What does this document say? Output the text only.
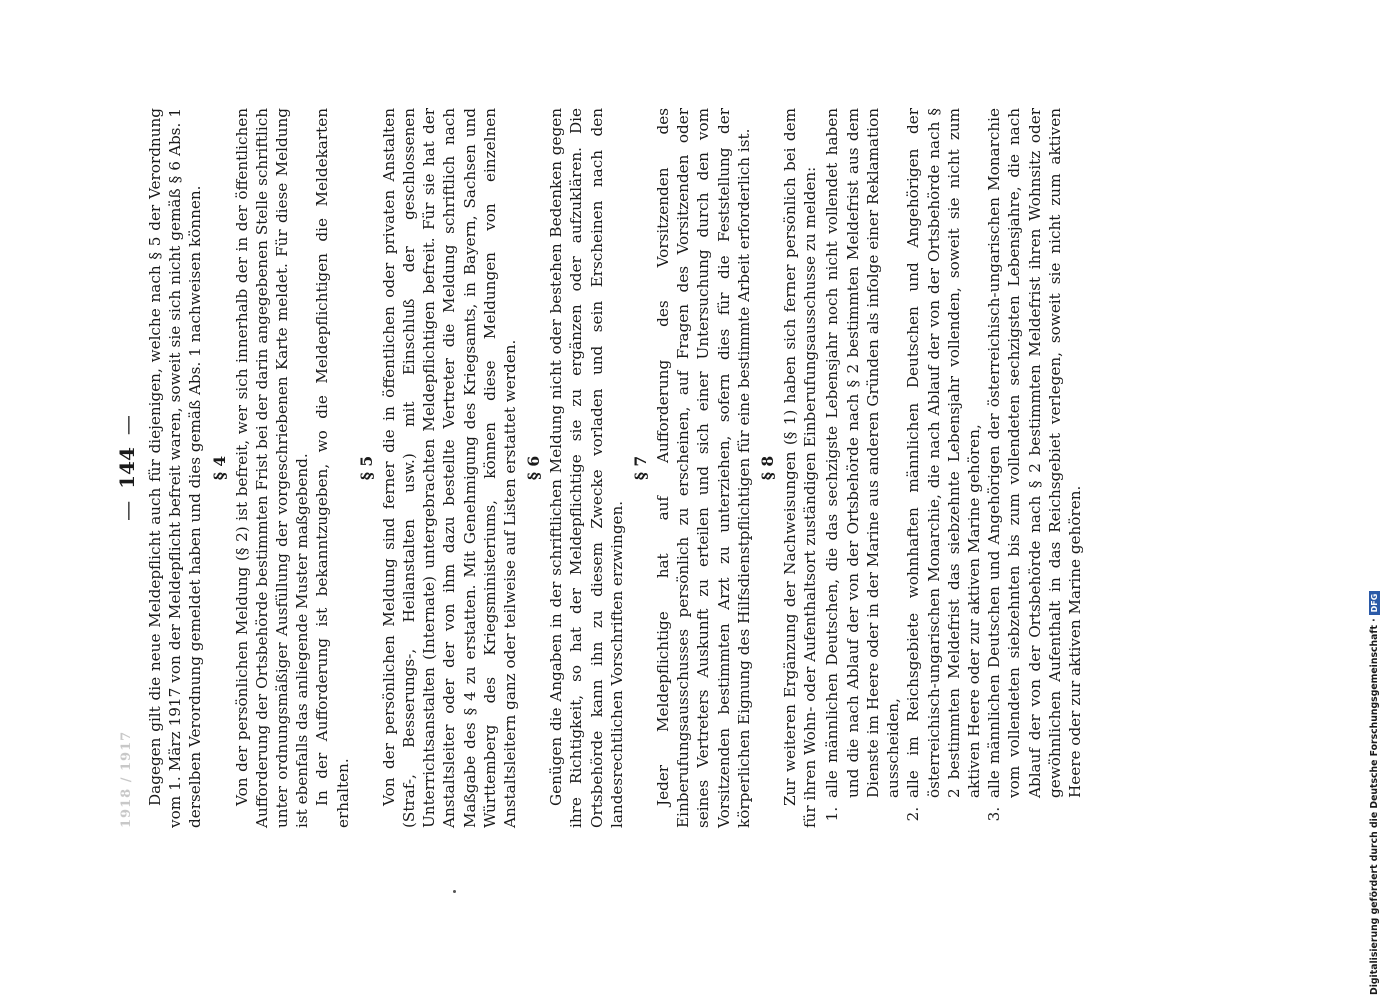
1918 / 1917
—
144
— Dagegen gilt die neue Meldepflicht auch für diejenigen, welche nach § 5 der Verordnung vom 1. März 1917 von der Meldepflicht befreit waren, soweit sie sich nicht gemäß § 6 Abs. 1 derselben Verordnung gemeldet haben und dies gemäß Abs. 1 nachweisen können. § 4 Von der persönlichen Meldung (§ 2) ist befreit, wer sich innerhalb der in der öffentlichen Aufforderung der Ortsbehörde bestimmten Frist bei der darin angegebenen Stelle schriftlich unter ordnungsmäßiger Ausfüllung der vorgeschriebenen Karte meldet. Für diese Meldung ist ebenfalls das anliegende Muster maßgebend. In der Aufforderung ist bekanntzugeben, wo die Meldepflichtigen die Meldekarten erhalten.

§ 5 Von der persönlichen Meldung sind ferner die in öffentlichen oder privaten Anstalten (Straf-, Besserungs-, Heilanstalten usw.) mit Einschluß der geschlossenen Unterrichtsanstalten (Internate) untergebrachten Meldepflichtigen befreit. Für sie hat der Anstaltsleiter oder der von ihm dazu bestellte Vertreter die Meldung schriftlich nach Maßgabe des § 4 zu erstatten. Mit Genehmigung des Kriegsamts, in Bayern, Sachsen und Württemberg des Kriegsministeriums, können diese Meldungen von einzelnen Anstaltsleitern ganz oder teilweise auf Listen erstattet werden. § 6 Genügen die Angaben in der schriftlichen Meldung nicht oder bestehen Bedenken gegen ihre Richtigkeit, so hat der Meldepflichtige sie zu ergänzen oder aufzuklären. Die Ortsbehörde kann ihn zu diesem Zwecke vorladen und sein Erscheinen nach den landesrechtlichen Vorschriften erzwingen.

§ 7 Jeder Meldepflichtige hat auf Aufforderung des Vorsitzenden des Einberufungsausschusses persönlich zu erscheinen, auf Fragen des Vorsitzenden oder seines Vertreters Auskunft zu erteilen und sich einer Untersuchung durch den vom Vorsitzenden bestimmten Arzt zu unterziehen, sofern dies für die Feststellung der körperlichen Eignung des Hilfsdienstpflichtigen für eine bestimmte Arbeit erforderlich ist. § 8 Zur weiteren Ergänzung der Nachweisungen (§ 1) haben sich ferner persönlich bei dem für ihren Wohn- oder Aufenthaltsort zuständigen Einberufungsausschusse zu melden: 1. alle männlichen Deutschen, die das sechzigste Lebensjahr noch nicht vollendet haben und die nach Ablauf der von der Ortsbehörde nach § 2 bestimmten Meldefrist aus dem Dienste im Heere oder in der Marine aus anderen Gründen als infolge einer Reklamation ausscheiden, 2. alle im Reichsgebiete wohnhaften männlichen Deutschen und Angehörigen der österreichisch-ungarischen Monarchie, die nach Ablauf der von der Ortsbehörde nach § 2 bestimmten Meldefrist das siebzehnte Lebensjahr vollenden, soweit sie nicht zum aktiven Heere oder zur aktiven Marine gehören, 3. alle männlichen Deutschen und Angehörigen der österreichisch-ungarischen Monarchie vom vollendeten siebzehnten bis zum vollendeten sechzigsten Lebensjahre, die nach Ablauf der von der Ortsbehörde nach § 2 bestimmten Meldefrist ihren Wohnsitz oder gewöhnlichen Aufenthalt in das Reichsgebiet verlegen, soweit sie nicht zum aktiven Heere oder zur aktiven Marine gehören.	Digitalisierung gefördert durch die Deutsche Forschungsgemeinschaft ·
DFG
